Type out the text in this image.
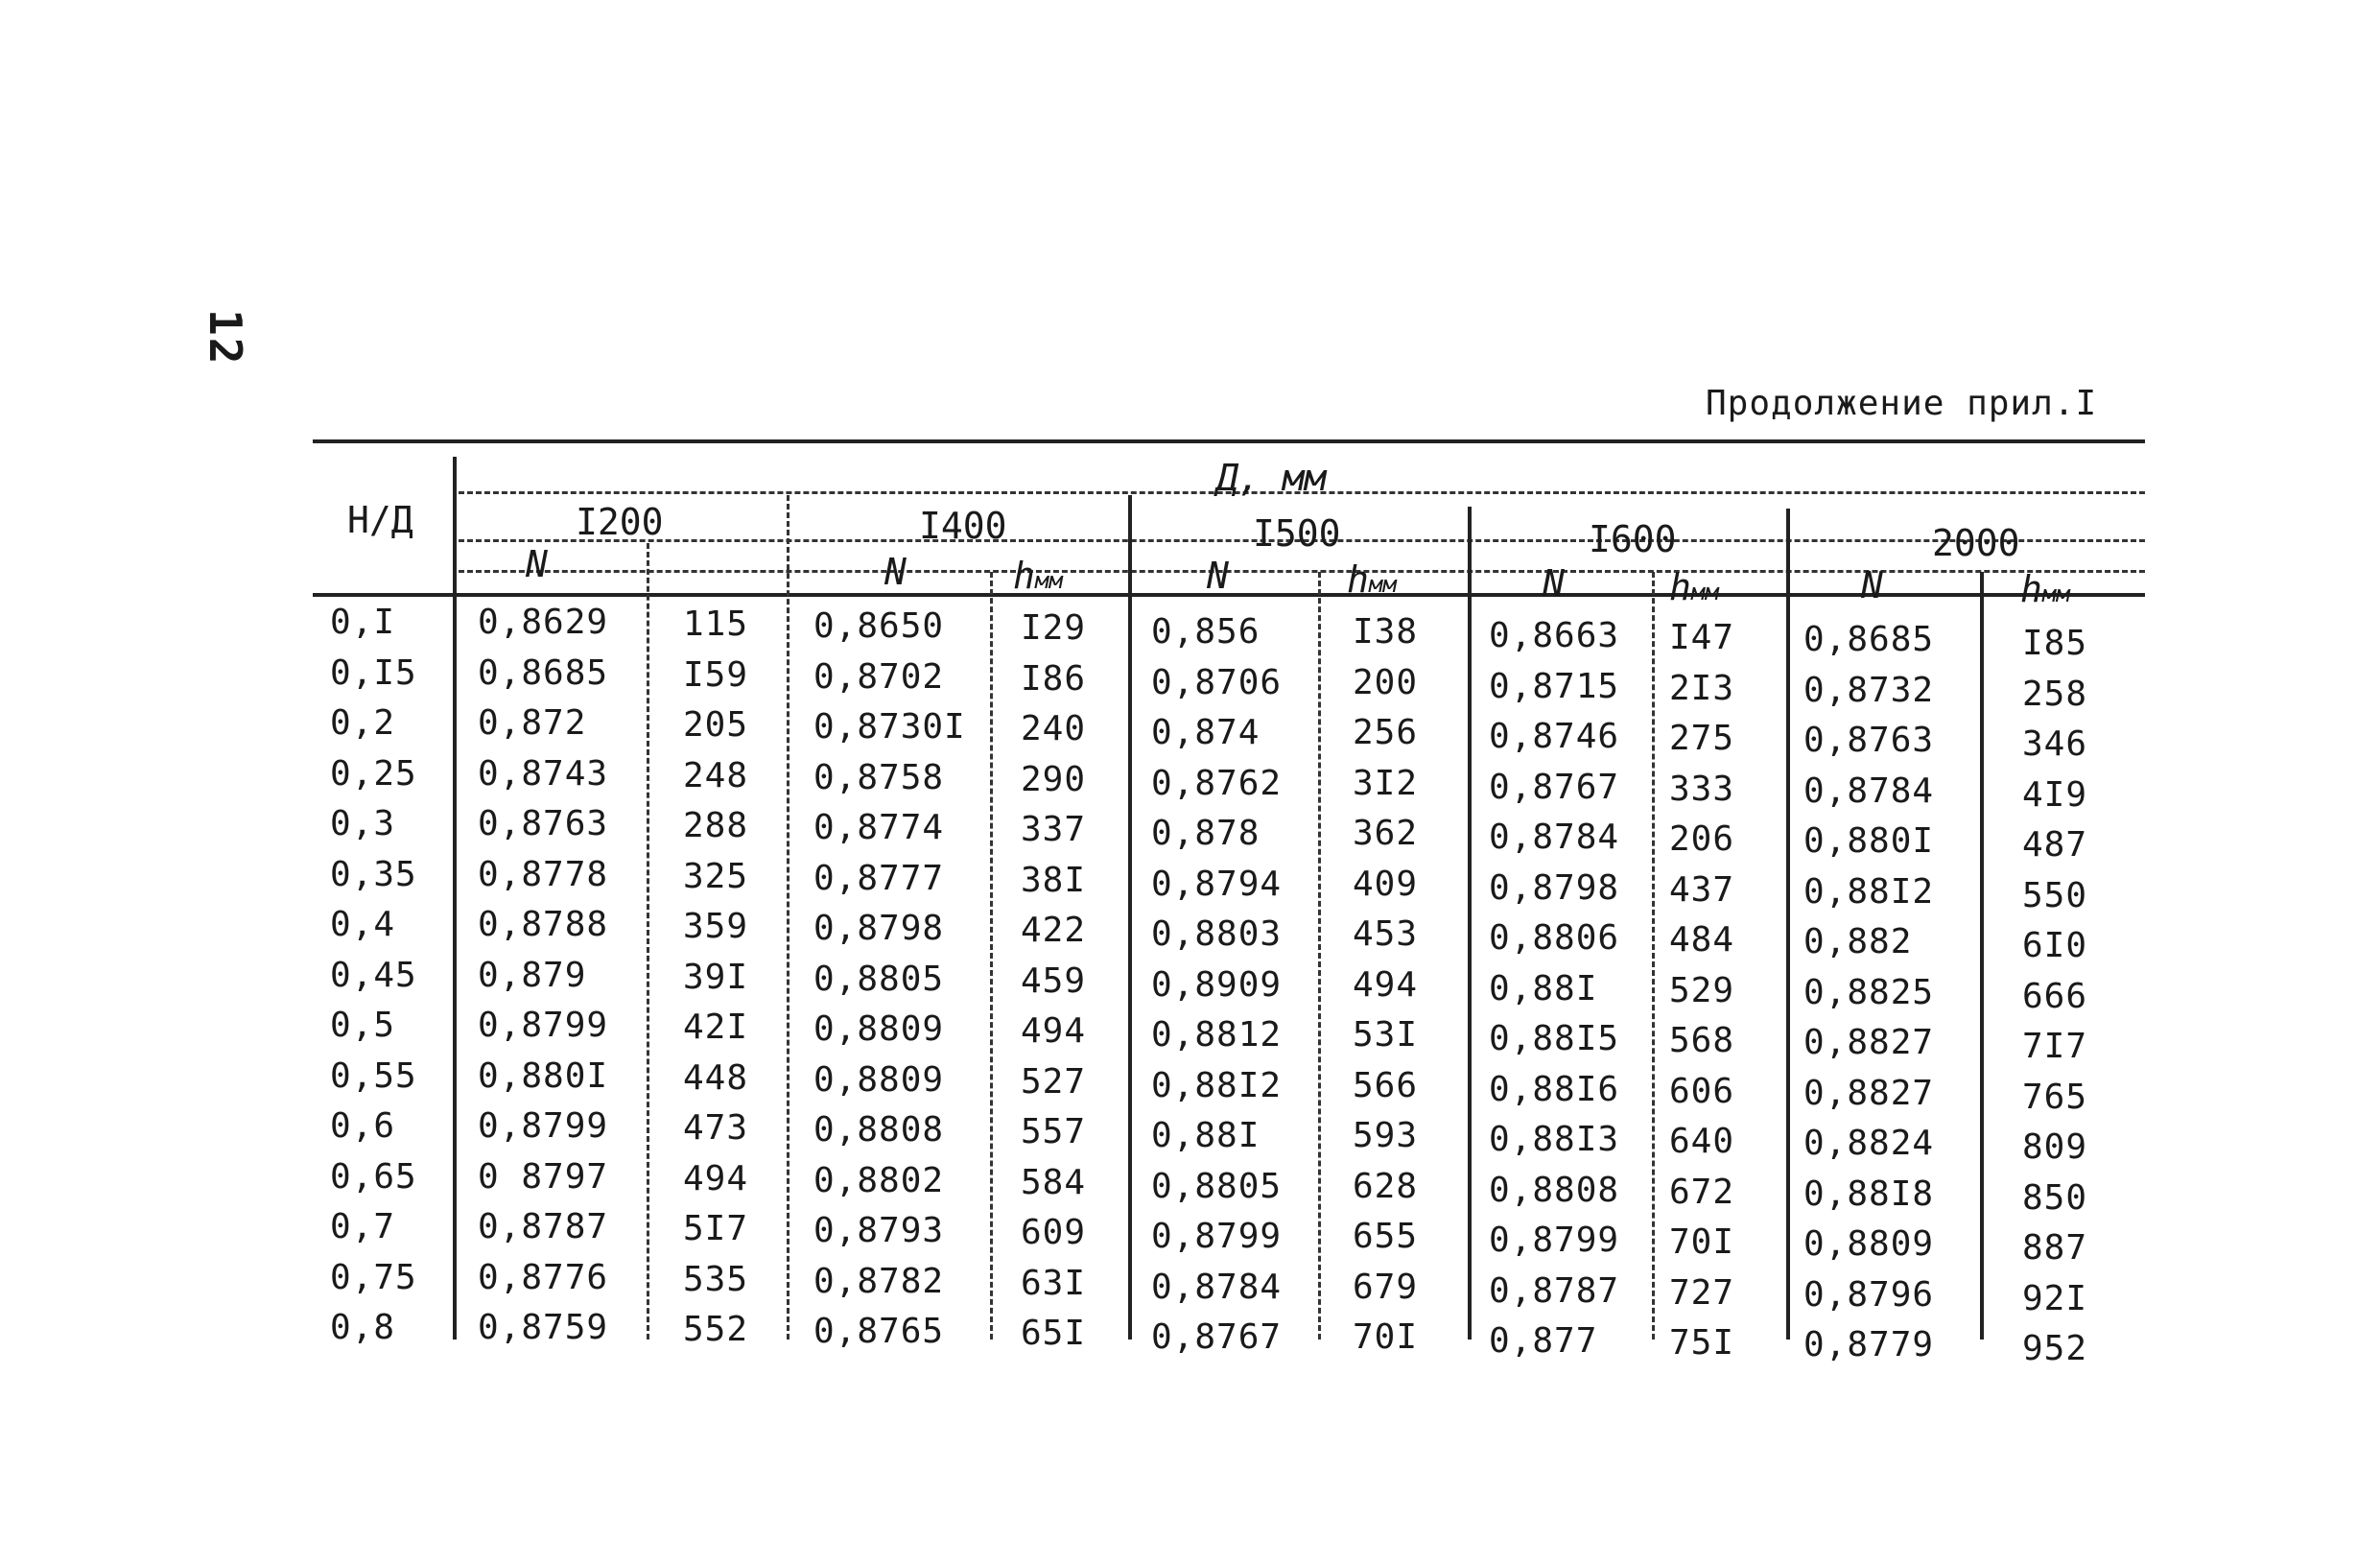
12
Продолжение прил.I
Н/Д
Д, мм
I200	I400	I500	I600	2000
N	N	hмм	N	hмм	N	hмм	N	hмм
0,I 0,8629 115 0,8650 I29 0,856	I38 0,8663 I47 0,8685	I85
0,I5 0,8685 I59 0,8702 I86 0,8706 200 0,8715 2I3 0,8732	258
0,2 0,872	205 0,8730I 240 0,874	256 0,8746 275 0,8763	346
0,25 0,8743 248 0,8758 290 0,8762 3I2 0,8767 333 0,8784	4I9
0,3 0,8763 288 0,8774 337 0,878	362 0,8784 206 0,880I	487
0,35 0,8778 325 0,8777 38I 0,8794 409 0,8798 437 0,88I2	550
0,4 0,8788 359 0,8798 422 0,8803 453 0,8806 484 0,882	6I0
0,45 0,879	39I 0,8805 459 0,8909 494 0,88I 529 0,8825	666
0,5 0,8799 42I 0,8809 494 0,8812 53I 0,88I5 568 0,8827	7I7
0,55 0,880I 448 0,8809 527 0,88I2 566 0,88I6 606 0,8827	765
0,6 0,8799 473 0,8808 557 0,88I	593 0,88I3 640 0,8824	809
0,65 0 8797 494 0,8802 584 0,8805 628 0,8808 672 0,88I8	850
0,7 0,8787 5I7 0,8793 609 0,8799 655 0,8799 70I 0,8809	887
0,75 0,8776 535 0,8782 63I 0,8784 679 0,8787 727 0,8796	92I
0,8 0,8759 552 0,8765 65I 0,8767 70I 0,877 75I 0,8779	952
